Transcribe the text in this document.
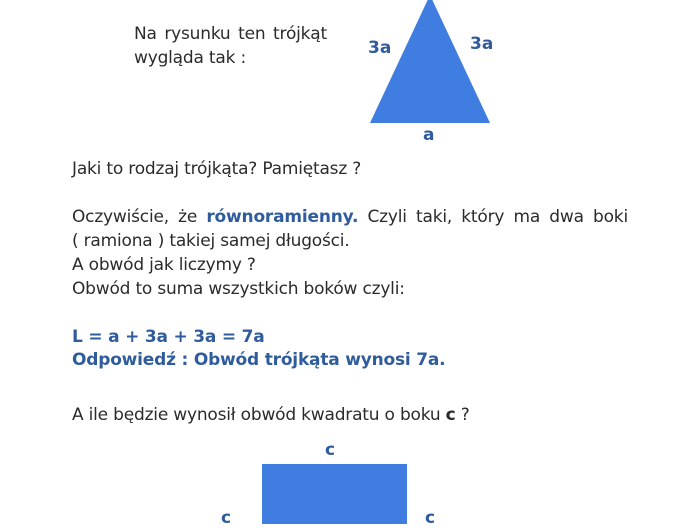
Na rysunku ten trójkąt
wygląda tak :	3a	3a
a
Jaki to rodzaj trójkąta? Pamiętasz ?
Oczywiście, że równoramienny. Czyli taki, który ma dwa boki
( ramiona ) takiej samej długości.
A obwód jak liczymy ?
Obwód to suma wszystkich boków czyli:
L = a + 3a + 3a = 7a
Odpowiedź : Obwód trójkąta wynosi 7a.
A ile będzie wynosił obwód kwadratu o boku c ?
c
c	c
